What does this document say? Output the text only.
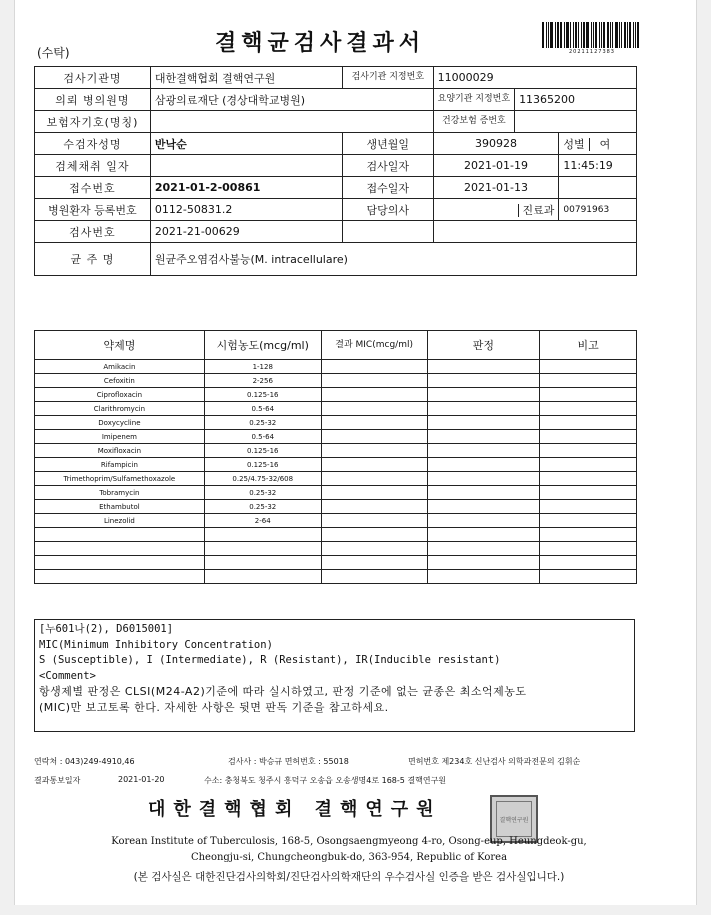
(수탁)	결핵균검사결과서	20211127383
검사기관명	대한결핵협회 결핵연구원	검사기관 지정번호	11000029		
의뢰 병의원명	삼광의료재단 (경상대학교병원)		요양기관 지정번호	11365200	
보험자기호(명칭)			건강보험 증번호		
수검자성명	반낙순	생년월일	390928		성별 여
검체채취 일자		검사일자	2021-01-19		11:45:19
접수번호	2021-01-2-00861	접수일자	2021-01-13		
병원환자 등록번호	0112-50831.2	담당의사	진료과		00791963
검사번호	2021-21-00629				
균 주 명	원균주오염검사불능(M. intracellulare)				
약제명	시험농도(mcg/ml)	결과 MIC(mcg/ml)	판정	비고
Amikacin	1-128			
Cefoxitin	2-256			
Ciprofloxacin	0.125-16			
Clarithromycin	0.5-64			
Doxycycline	0.25-32			
Imipenem	0.5-64			
Moxifloxacin	0.125-16			
Rifampicin	0.125-16			
Trimethoprim/Sulfamethoxazole	0.25/4.75-32/608			
Tobramycin	0.25-32			
Ethambutol	0.25-32			
Linezolid	2-64			

[누601나(2), D6015001]
MIC(Minimum Inhibitory Concentration)
S (Susceptible), I (Intermediate), R (Resistant), IR(Inducible resistant)
<Comment>
항생제별 판정은 CLSI(M24-A2)기준에 따라 실시하였고, 판정 기준에 없는 균종은 최소억제농도
(MIC)만 보고토록 한다. 자세한 사항은 뒷면 판독 기준을 참고하세요.
연락처 : 043)249-4910,46	검사사 : 박승규 면허번호 : 55018	면허번호 제234호 신난검사 의학과전문의 김휘순
결과통보일자	2021-01-20	수소: 충청북도 청주시 흥덕구 오송읍 오송생명4로 168-5 결핵연구원
대한결핵협회 결핵연구원	결핵연구원
Korean Institute of Tuberculosis, 168-5, Osongsaengmyeong 4-ro, Osong-eup, Heungdeok-gu,
Cheongju-si, Chungcheongbuk-do, 363-954, Republic of Korea
(본 검사실은 대한진단검사의학회/진단검사의학재단의 우수검사실 인증을 받은 검사실입니다.)
